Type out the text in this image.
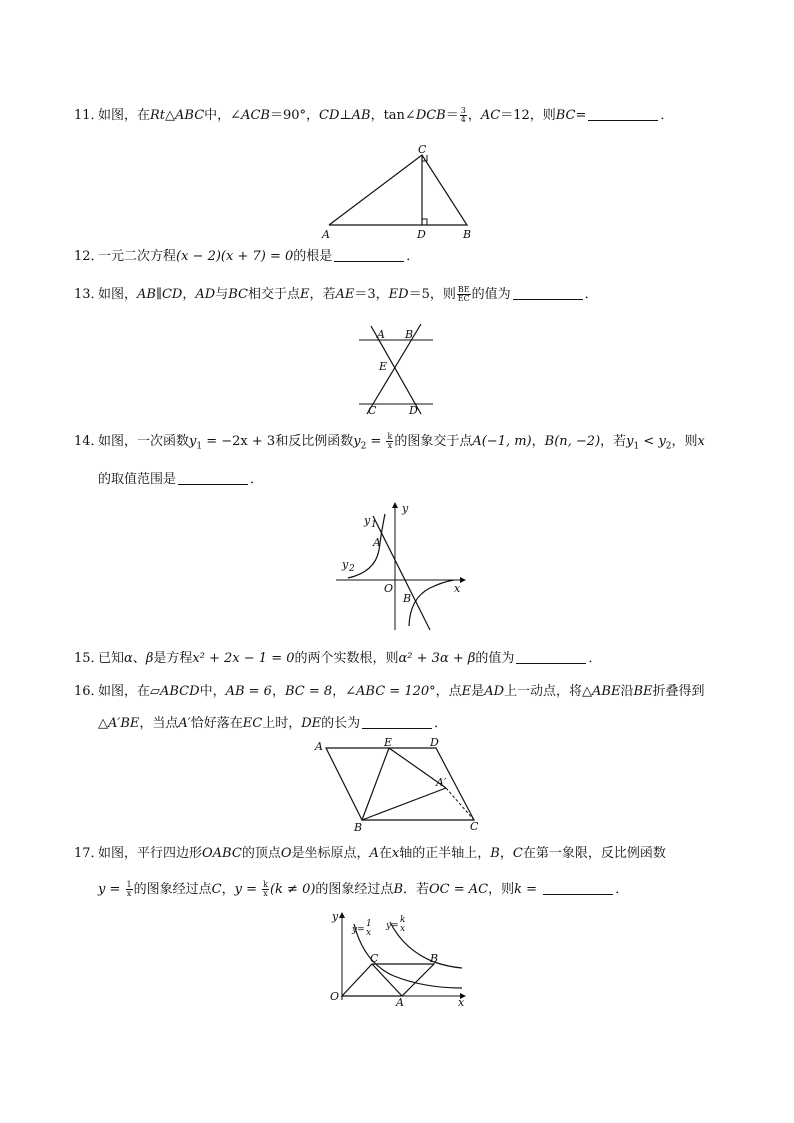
11．如图，在Rt△ABC中，∠ACB＝90°，CD⊥AB，tan∠DCB＝ $\frac{3}{4}$ ，AC＝12，则BC=	．
C
A	D	B
12．一元二次方程(x − 2)(x + 7) = 0的根是	．
13．如图，AB∥CD，AD与BC相交于点E，若AE＝3，ED＝5，则 $\frac{BE}{EC}$ 的值为	．
A B
E
C	D
14．如图，一次函数$y_1 = -2x + 3$和反比例函数$y_2 = \frac{k}{x}$ 的图象交于点A(−1, m)，B(n, −2)，若$y_1 < y_2$，则x
的取值范围是	．
y
y 1
A
y 2
O	x
B
15．已知α、β是方程x² + 2x − 1 = 0的两个实数根，则α² + 3α + β的值为	．
16．如图，在▱ABCD中，AB = 6，BC = 8，∠ABC = 120°，点E是AD上一动点，将△ABE沿BE折叠得到
△A′BE，当点A′恰好落在EC上时，DE的长为	．
A	E	D
A′
B	C
17．如图，平行四边形OABC的顶点O是坐标原点，A在x轴的正半轴上，B，C在第一象限，反比例函数
$y = \frac{1}{x}$ 的图象经过点C，$y = \frac{k}{x} (k \ne 0)$的图象经过点B．若OC = AC，则k =	．
y
y=
1
x
y=
k
x
C	B
O	A	x
